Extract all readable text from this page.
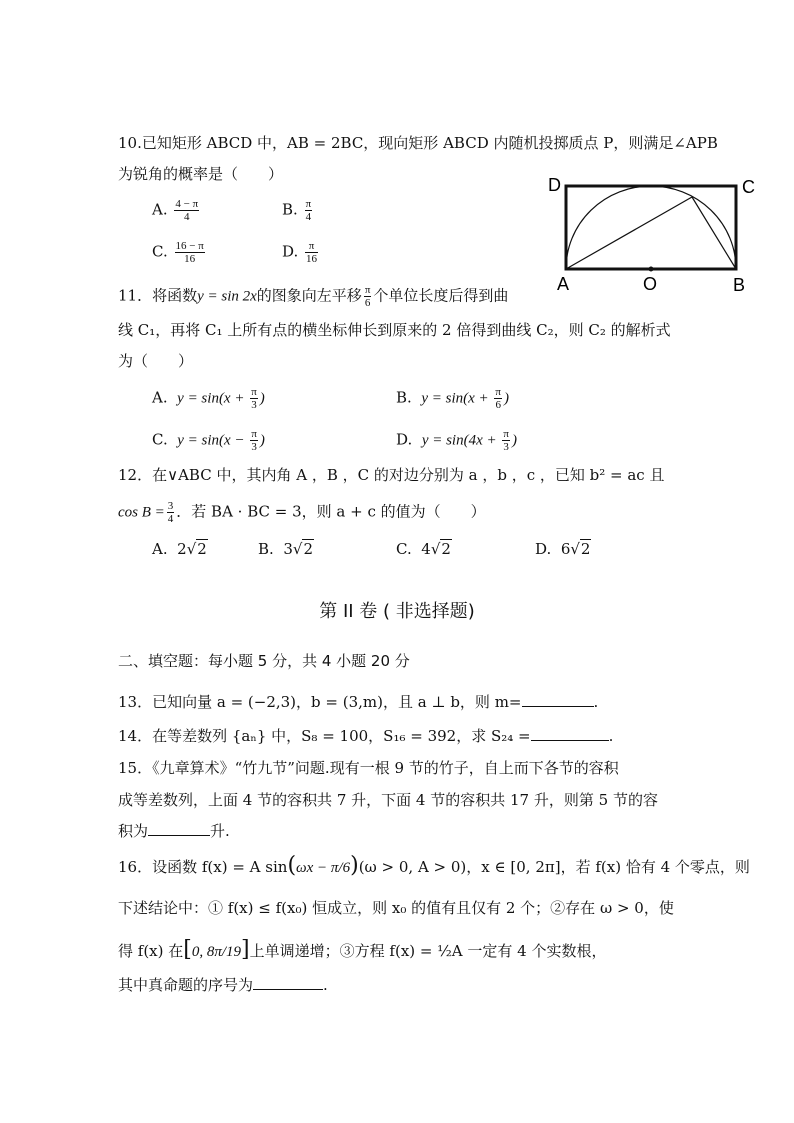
10.已知矩形 ABCD 中，AB = 2BC，现向矩形 ABCD 内随机投掷质点 P，则满足∠APB
为锐角的概率是（　　）
A. $\frac{4 - \pi}{4}$	B. $\frac{\pi}{4}$
C. $\frac{16 - \pi}{16}$	D. $\frac{\pi}{16}$
D	C
A	O	B
11．将函数y = sin 2x的图象向左平移 $\frac{\pi}{6}$ 个单位长度后得到曲
线 C₁，再将 C₁ 上所有点的横坐标伸长到原来的 2 倍得到曲线 C₂，则 C₂ 的解析式
为（　　）
A. $y = \sin(x + \frac{\pi}{3}$ )	B. $y = \sin(x + \frac{\pi}{6}$ )
C. $y = \sin(x - \frac{\pi}{3}$ )	D. $y = \sin(4x + \frac{\pi}{3}$ )
12．在∨ABC 中，其内角 A ，B ，C 的对边分别为 a ，b ，c ，已知 b² = ac 且
$\cos B = \frac{3}{4}$ ．若 BA · BC = 3，则 a + c 的值为（　　）
A. 2√2	B. 3√2	C. 4√2	D. 6√2
第 II 卷 ( 非选择题)
二、填空题：每小题 5 分，共 4 小题 20 分
13．已知向量 a = (−2,3)，b = (3,m)，且 a ⊥ b，则 m=	.
14．在等差数列 {aₙ} 中，S₈ = 100，S₁₆ = 392，求 S₂₄ =	.
15．《九章算术》“竹九节”问题.现有一根 9 节的竹子，自上而下各节的容积
成等差数列，上面 4 节的容积共 7 升，下面 4 节的容积共 17 升，则第 5 节的容
积为	升.
16．设函数 f(x) = A sin(ωx − π/6)(ω > 0, A > 0)，x ∈ [0, 2π]，若 f(x) 恰有 4 个零点，则
下述结论中：① f(x) ≤ f(x₀) 恒成立，则 x₀ 的值有且仅有 2 个；②存在 ω > 0，使
得 f(x) 在[0, 8π/19]上单调递增；③方程 f(x) = ½A 一定有 4 个实数根，
其中真命题的序号为	.
